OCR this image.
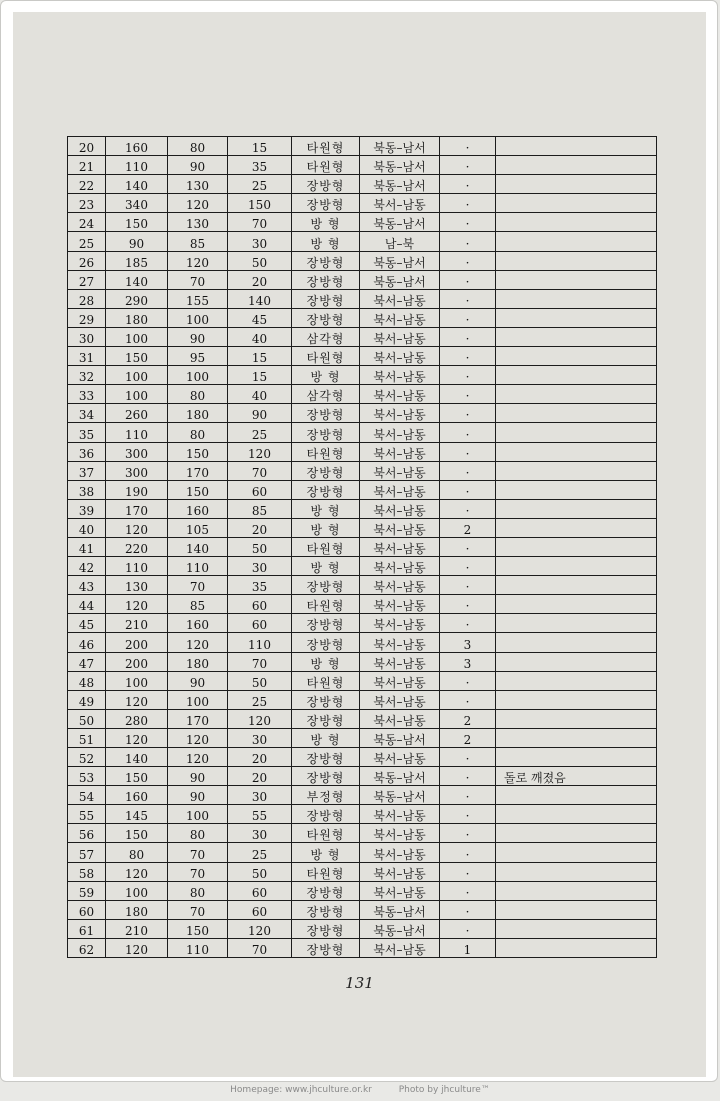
20	160	80	15	타원형	북동–남서	·	
21	110	90	35	타원형	북동–남서	·	
22	140	130	25	장방형	북동–남서	·	
23	340	120	150	장방형	북서–남동	·	
24	150	130	70	방 형	북동–남서	·	
25	90	85	30	방 형	남–북	·	
26	185	120	50	장방형	북동–남서	·	
27	140	70	20	장방형	북동–남서	·	
28	290	155	140	장방형	북서–남동	·	
29	180	100	45	장방형	북서–남동	·	
30	100	90	40	삼각형	북서–남동	·	
31	150	95	15	타원형	북서–남동	·	
32	100	100	15	방 형	북서–남동	·	
33	100	80	40	삼각형	북서–남동	·	
34	260	180	90	장방형	북서–남동	·	
35	110	80	25	장방형	북서–남동	·	
36	300	150	120	타원형	북서–남동	·	
37	300	170	70	장방형	북서–남동	·	
38	190	150	60	장방형	북서–남동	·	
39	170	160	85	방 형	북서–남동	·	
40	120	105	20	방 형	북서–남동	2	
41	220	140	50	타원형	북서–남동	·	
42	110	110	30	방 형	북서–남동	·	
43	130	70	35	장방형	북서–남동	·	
44	120	85	60	타원형	북서–남동	·	
45	210	160	60	장방형	북서–남동	·	
46	200	120	110	장방형	북서–남동	3	
47	200	180	70	방 형	북서–남동	3	
48	100	90	50	타원형	북서–남동	·	
49	120	100	25	장방형	북서–남동	·	
50	280	170	120	장방형	북서–남동	2	
51	120	120	30	방 형	북동–남서	2	
52	140	120	20	장방형	북서–남동	·	
53	150	90	20	장방형	북동–남서	·	돌로 깨졌음
54	160	90	30	부정형	북동–남서	·	
55	145	100	55	장방형	북서–남동	·	
56	150	80	30	타원형	북서–남동	·	
57	80	70	25	방 형	북서–남동	·	
58	120	70	50	타원형	북서–남동	·	
59	100	80	60	장방형	북서–남동	·	
60	180	70	60	장방형	북동–남서	·	
61	210	150	120	장방형	북동–남서	·	
62	120	110	70	장방형	북서–남동	1	
131
Homepage: www.jhculture.or.kr	Photo by jhculture™
